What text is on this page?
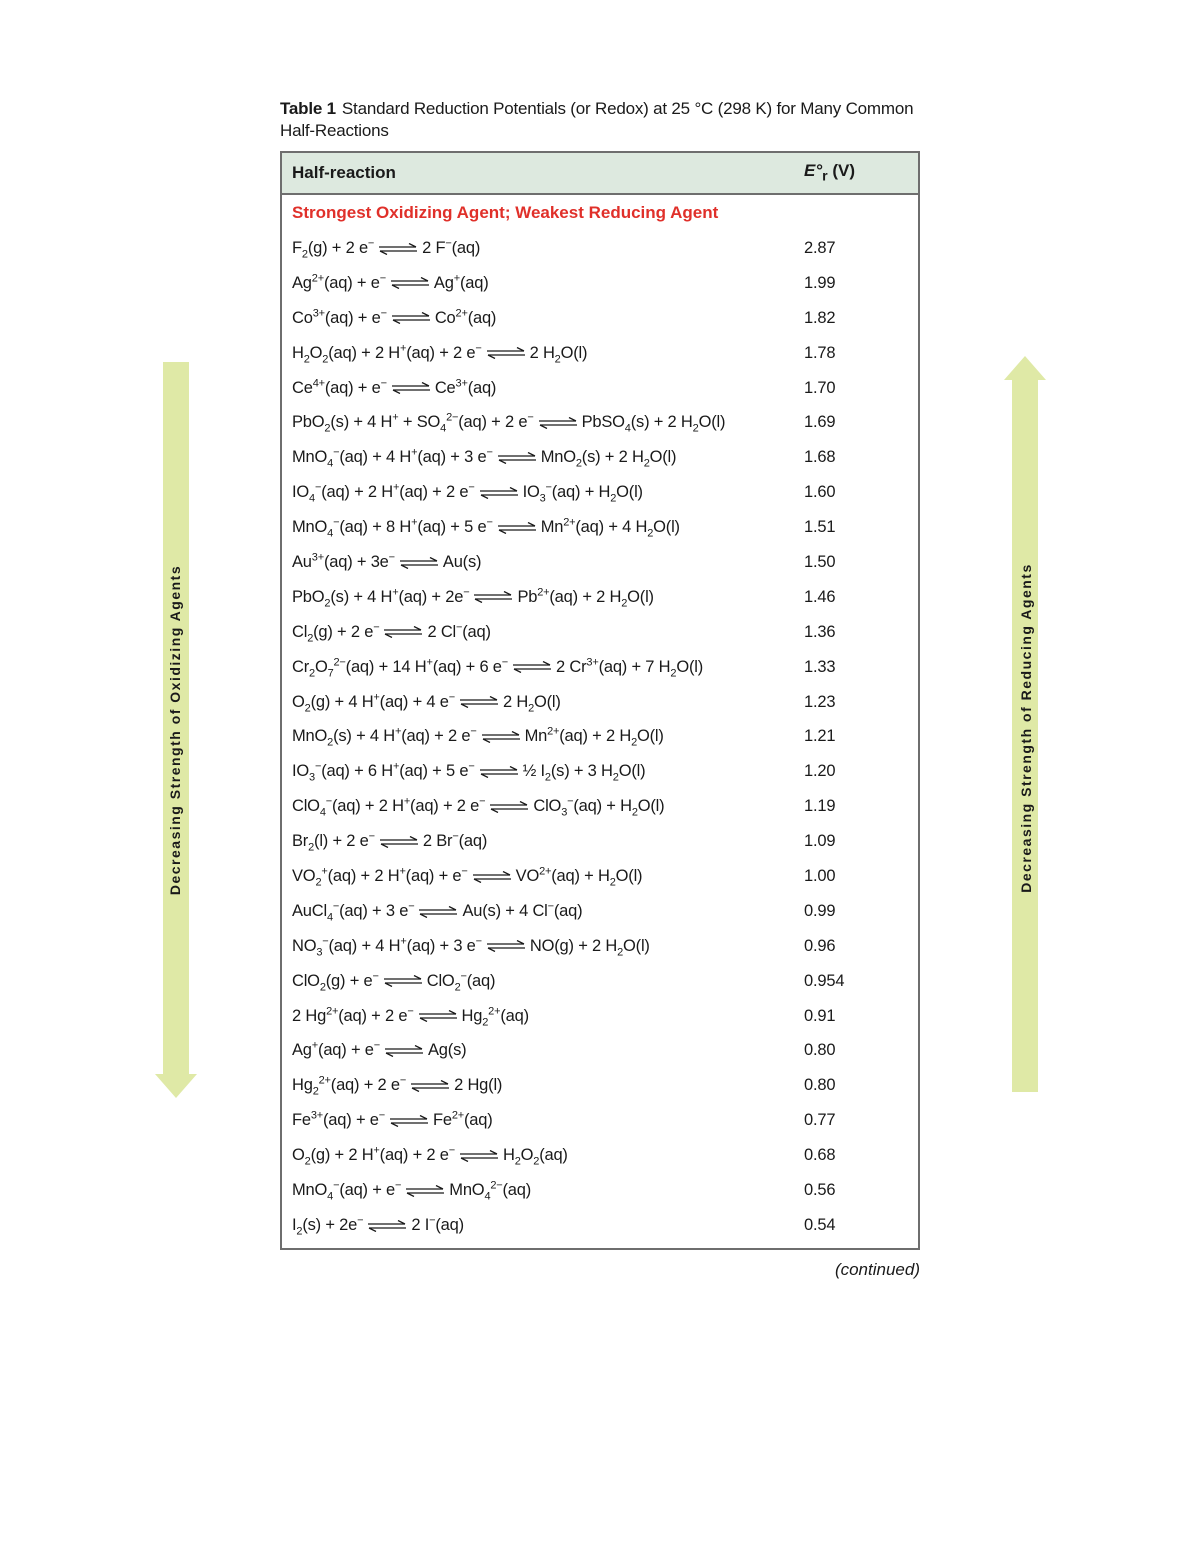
Table 1 Standard Reduction Potentials (or Redox) at 25 °C (298 K) for Many Common Half-Reactions
Decreasing Strength of Oxidizing Agents	Decreasing Strength of Reducing Agents
Half-reaction	$E^\circ_r$ (V)
Strongest Oxidizing Agent; Weakest Reducing Agent
$F_2(g) + 2$ e− ⇌ 2 F−(aq)	2.87
$Ag^{2+}(aq) + e^-$ ⇌ Ag+(aq)	1.99
$Co^{3+}(aq) + e^-$ ⇌ $Co^{2+}(aq)$	1.82
$H_2O_2(aq) + 2$ H+(aq) + 2 e− ⇌ 2 $H_2O(l)$	1.78
$Ce^{4+}(aq) + e^-$ ⇌ $Ce^{3+}(aq)$	1.70
PbO$_2$(s) + 4 $H^+ + SO_4^{2-}(aq) + 2$ e− ⇌ PbSO$_4$(s) + 2 $H_2O(l)$	1.69
MnO$_4$−(aq) + 4 H+(aq) + 3 e− ⇌ MnO$_2$(s) + 2 $H_2O(l)$	1.68
$IO_4^-(aq) + 2$ H+(aq) + 2 e− ⇌ $IO_3^-(aq) + H_2O(l)$	1.60
MnO$_4$−(aq) + 8 H+(aq) + 5 e− ⇌ $Mn^{2+}(aq) + 4$ $H_2O(l)$	1.51
$Au^{3+}(aq) + 3e^-$ ⇌ Au(s)	1.50
PbO$_2$(s) + 4 H+(aq) + 2e− ⇌ $Pb^{2+}(aq) + 2$ $H_2O(l)$	1.46
$Cl_2(g) + 2$ e− ⇌ 2 Cl−(aq)	1.36
$Cr_2O_7^{2-}(aq) + 14$ H+(aq) + 6 e− ⇌ 2 $Cr^{3+}(aq) + 7$ $H_2O(l)$	1.33
$O_2(g) + 4$ H+(aq) + 4 e− ⇌ 2 $H_2O(l)$	1.23
MnO$_2$(s) + 4 H+(aq) + 2 e− ⇌ $Mn^{2+}(aq) + 2$ $H_2O(l)$	1.21
$IO_3^-(aq) + 6$ H+(aq) + 5 e− ⇌ ½ $I_2(s) + 3$ $H_2O(l)$	1.20
ClO$_4$−(aq) + 2 H+(aq) + 2 e− ⇌ $ClO_3^-(aq) + H_2O(l)$	1.19
$Br_2(l) + 2$ e− ⇌ 2 Br−(aq)	1.09
$VO_2^+(aq) + 2$ H+(aq) + e− ⇌ $VO^{2+}(aq) + H_2O(l)$	1.00
AuCl$_4$−(aq) + 3 e− ⇌ Au(s) + 4 Cl−(aq)	0.99
$NO_3^-(aq) + 4$ H+(aq) + 3 e− ⇌ NO(g) + 2 $H_2O(l)$	0.96
ClO$_2$(g) + e− ⇌ ClO$_2$−(aq)	0.954
2 $Hg^{2+}(aq) + 2$ e− ⇌ $Hg_2^{2+}(aq)$	0.91
Ag+(aq) + e− ⇌ Ag(s)	0.80
$Hg_2^{2+}(aq) + 2$ e− ⇌ 2 Hg(l)	0.80
$Fe^{3+}(aq) + e^-$ ⇌ $Fe^{2+}(aq)$	0.77
$O_2(g) + 2$ H+(aq) + 2 e− ⇌ $H_2O_2(aq)$	0.68
MnO$_4$−(aq) + e− ⇌ MnO$_4^{2-}$(aq)	0.56
$I_2(s) + 2e^-$ ⇌ 2 I−(aq)	0.54
(continued)
